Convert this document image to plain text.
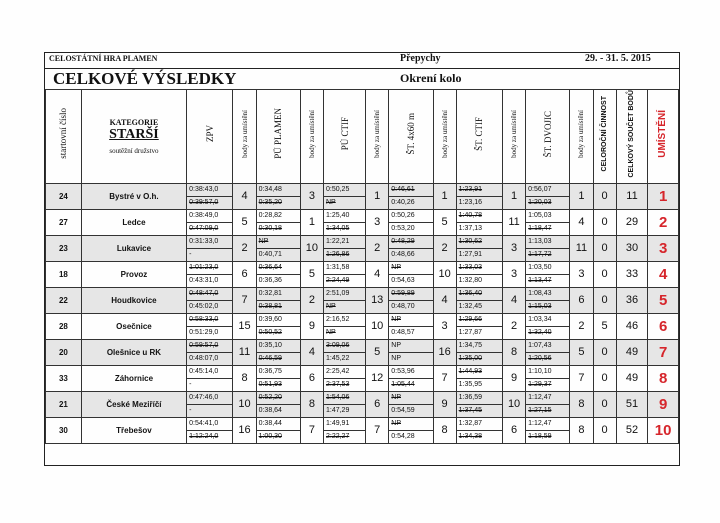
CELOSTÁTNÍ HRA PLAMEN	Přepychy	29. - 31. 5. 2015
CELKOVÉ VÝSLEDKY	Okrení kolo
startovní číslo	KATEGORIE
STARŠÍ
soutěžní družstvo	ZPV	body za umístění	PŮ PLAMEN	body za umístění	PÚ CTIF	body za umístění	ŠT. 4x60 m	body za umístění	ŠT. CTIF	body za umístění	ŠT. DVOJIC	body za umístění	CELOROČNÍ ČINNOST	CELKOVÝ SOUČET BODŮ	UMÍSTĚNÍ
24	Bystré v O.h.	0:38:43,0	4	0:34,48	3	0:50,25	1	0:46,61	1	1:23,91	1	0:56,07	1	0	11	1
		0:39:57,0		0:35,20		NP		0:40,26		1:23,16		1:20,03				
27	Ledce	0:38:49,0	5	0:28,82	1	1:25,40	3	0:50,26	5	1:40,78	11	1:05,03	4	0	29	2
		0:47:09,0		0:30,18		1:34,05		0:53,20		1:37,13		1:18,47				
23	Lukavice	0:31:33,0	2	NP	10	1:22,21	2	0:48,29	2	1:30,62	3	1:13,03	11	0	30	3
		-		0:40,71		1:26,86		0:48,66		1:27,91		1:17,72				
18	Provoz	1:01:23,0	6	0:36,64	5	1:31,58	4	NP	10	1:33,03	3	1:03,50	3	0	33	4
		0:43:31,0		0:36,36		2:24,49		0:54,63		1:32,80		1:13,47				
22	Houdkovice	0:48:47,0	7	0:32,81	2	2:51,09	13	0:59,89	4	1:36,40	4	1:08,43	6	0	36	5
		0:45:02,0		0:38,81		NP		0:48,70		1:32,45		1:15,03				
28	Osečnice	0:58:33,0	15	0:39,60	9	2:16,52	10	NP	3	1:29,66	2	1:03,34	2	5	46	6
		0:51:29,0		0:50,52		NP		0:48,57		1:27,87		1:32,40				
20	Olešnice u RK	0:59:57,0	11	0:35,10	4	3:09,06	5	NP	16	1:34,75	8	1:07,43	5	0	49	7
		0:48:07,0		0:46,59		1:45,22		NP		1:35,00		1:20,56				
33	Záhornice	0:45:14,0	8	0:36,75	6	2:25,42	12	0:53,96	7	1:44,93	9	1:10,10	7	0	49	8
		-		0:51,93		2:37,53		1:05,44		1:35,95		1:29,37				
21	České Meziříčí	0:47:46,0	10	0:52,20	8	1:54,06	6	NP	9	1:36,59	10	1:12,47	8	0	51	9
		-		0:38,64		1:47,29		0:54,59		1:37,45		1:27,15				
30	Třebešov	0:54:41,0	16	0:38,44	7	1:49,91	7	NP	8	1:32,87	6	1:12,47	8	0	52	10
		1:12:24,0		1:00,30		2:22,27		0:54,28		1:34,38		1:18,59				
